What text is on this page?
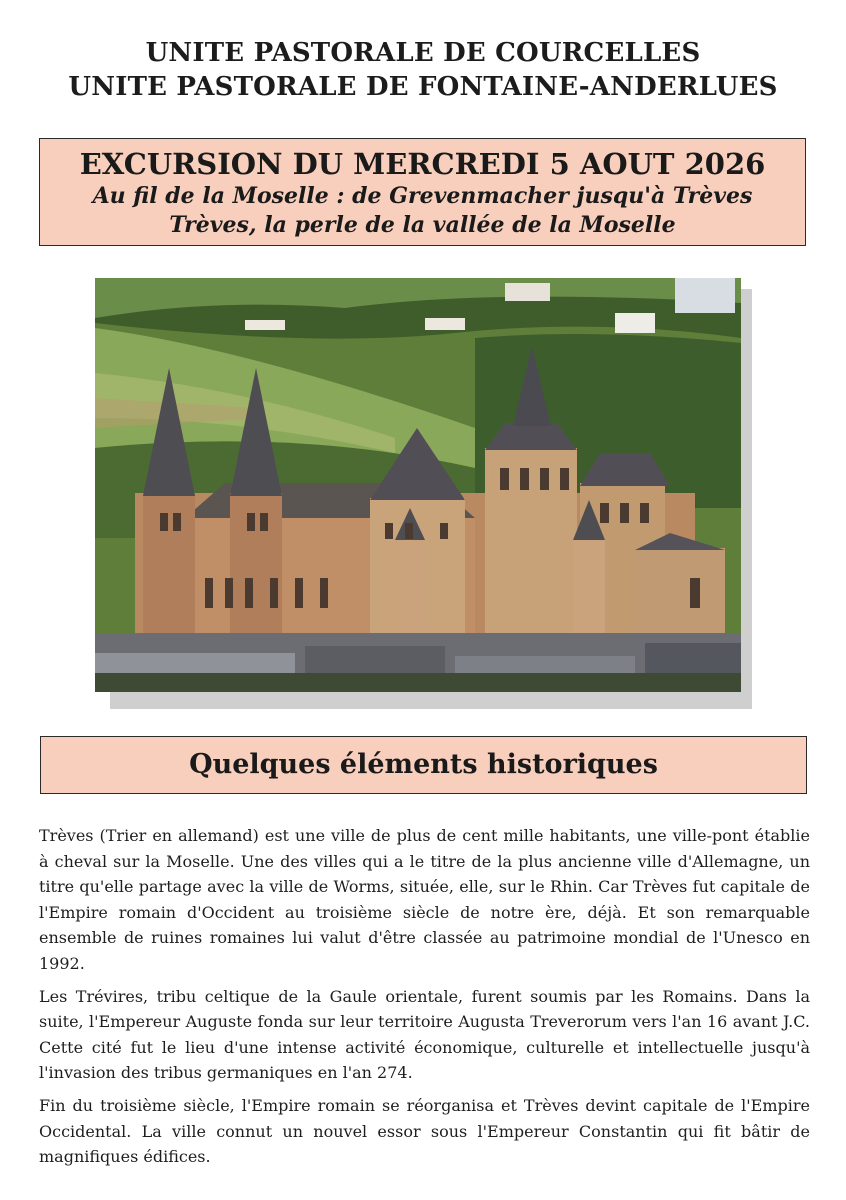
UNITE PASTORALE DE COURCELLES
UNITE PASTORALE DE FONTAINE-ANDERLUES
EXCURSION DU MERCREDI 5 AOUT 2026
Au fil de la Moselle : de Grevenmacher jusqu'à Trèves
Trèves, la perle de la vallée de la Moselle
Quelques éléments historiques

Trèves (Trier en allemand) est une ville de plus de cent mille habitants, une ville-pont établie à cheval sur la Moselle. Une des villes qui a le titre de la plus ancienne ville d'Allemagne, un titre qu'elle partage avec la ville de Worms, située, elle, sur le Rhin. Car Trèves fut capitale de l'Empire romain d'Occident au troisième siècle de notre ère, déjà. Et son remarquable ensemble de ruines romaines lui valut d'être classée au patrimoine mondial de l'Unesco en 1992.

Les Trévires, tribu celtique de la Gaule orientale, furent soumis par les Romains. Dans la suite, l'Empereur Auguste fonda sur leur territoire Augusta Treverorum vers l'an 16 avant J.C. Cette cité fut le lieu d'une intense activité économique, culturelle et intellectuelle jusqu'à l'invasion des tribus germaniques en l'an 274.

Fin du troisième siècle, l'Empire romain se réorganisa et Trèves devint capitale de l'Empire Occidental. La ville connut un nouvel essor sous l'Empereur Constantin qui fit bâtir de magnifiques édifices.
